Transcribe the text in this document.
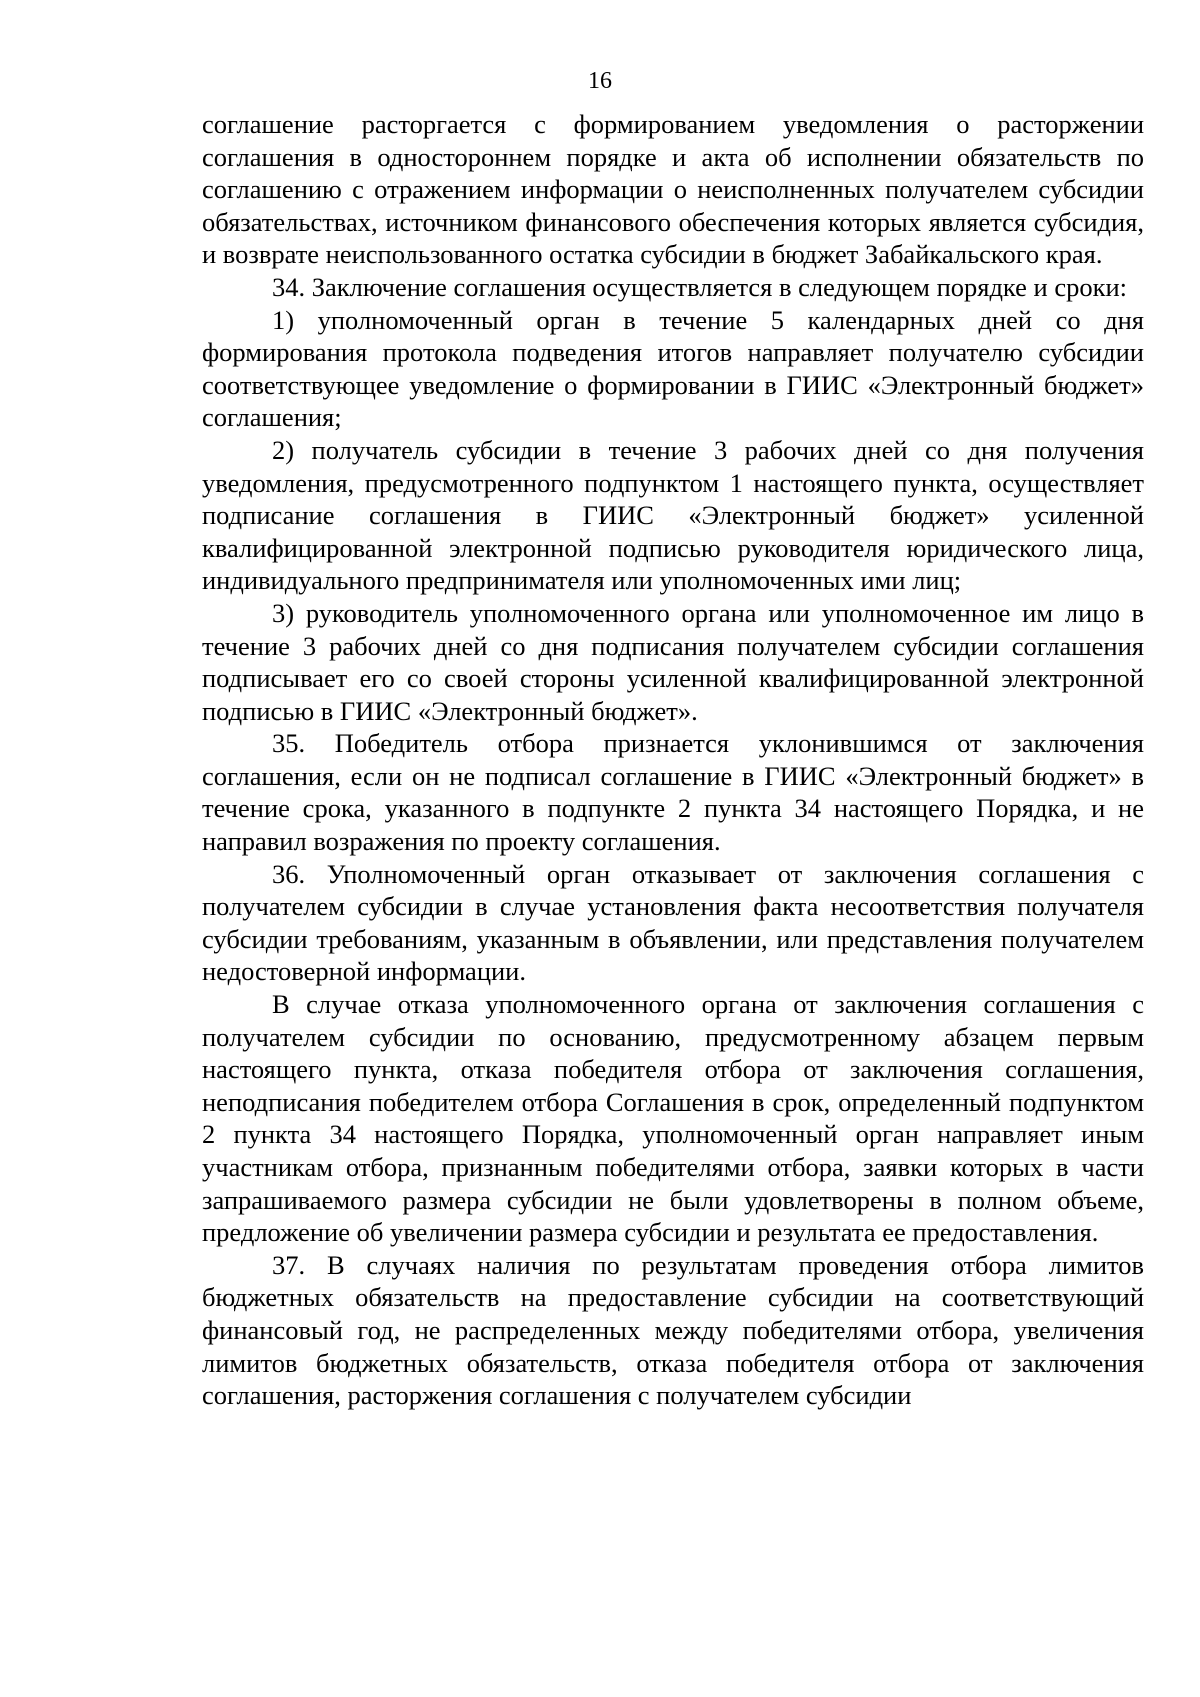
16

соглашение расторгается с формированием уведомления о расторжении соглашения в одностороннем порядке и акта об исполнении обязательств по соглашению с отражением информации о неисполненных получателем субсидии обязательствах, источником финансового обеспечения которых является субсидия, и возврате неиспользованного остатка субсидии в бюджет Забайкальского края.

34. Заключение соглашения осуществляется в следующем порядке и сроки:

1) уполномоченный орган в течение 5 календарных дней со дня формирования протокола подведения итогов направляет получателю субсидии соответствующее уведомление о формировании в ГИИС «Электронный бюджет» соглашения;

2) получатель субсидии в течение 3 рабочих дней со дня получения уведомления, предусмотренного подпунктом 1 настоящего пункта, осуществляет подписание соглашения в ГИИС «Электронный бюджет» усиленной квалифицированной электронной подписью руководителя юридического лица, индивидуального предпринимателя или уполномоченных ими лиц;

3) руководитель уполномоченного органа или уполномоченное им лицо в течение 3 рабочих дней со дня подписания получателем субсидии соглашения подписывает его со своей стороны усиленной квалифицированной электронной подписью в ГИИС «Электронный бюджет».

35. Победитель отбора признается уклонившимся от заключения соглашения, если он не подписал соглашение в ГИИС «Электронный бюджет» в течение срока, указанного в подпункте 2 пункта 34 настоящего Порядка, и не направил возражения по проекту соглашения.

36. Уполномоченный орган отказывает от заключения соглашения с получателем субсидии в случае установления факта несоответствия получателя субсидии требованиям, указанным в объявлении, или представления получателем недостоверной информации.

В случае отказа уполномоченного органа от заключения соглашения с получателем субсидии по основанию, предусмотренному абзацем первым настоящего пункта, отказа победителя отбора от заключения соглашения, неподписания победителем отбора Соглашения в срок, определенный подпунктом 2 пункта 34 настоящего Порядка, уполномоченный орган направляет иным участникам отбора, признанным победителями отбора, заявки которых в части запрашиваемого размера субсидии не были удовлетворены в полном объеме, предложение об увеличении размера субсидии и результата ее предоставления.

37. В случаях наличия по результатам проведения отбора лимитов бюджетных обязательств на предоставление субсидии на соответствующий финансовый год, не распределенных между победителями отбора, увеличения лимитов бюджетных обязательств, отказа победителя отбора от заключения соглашения, расторжения соглашения с получателем субсидии
